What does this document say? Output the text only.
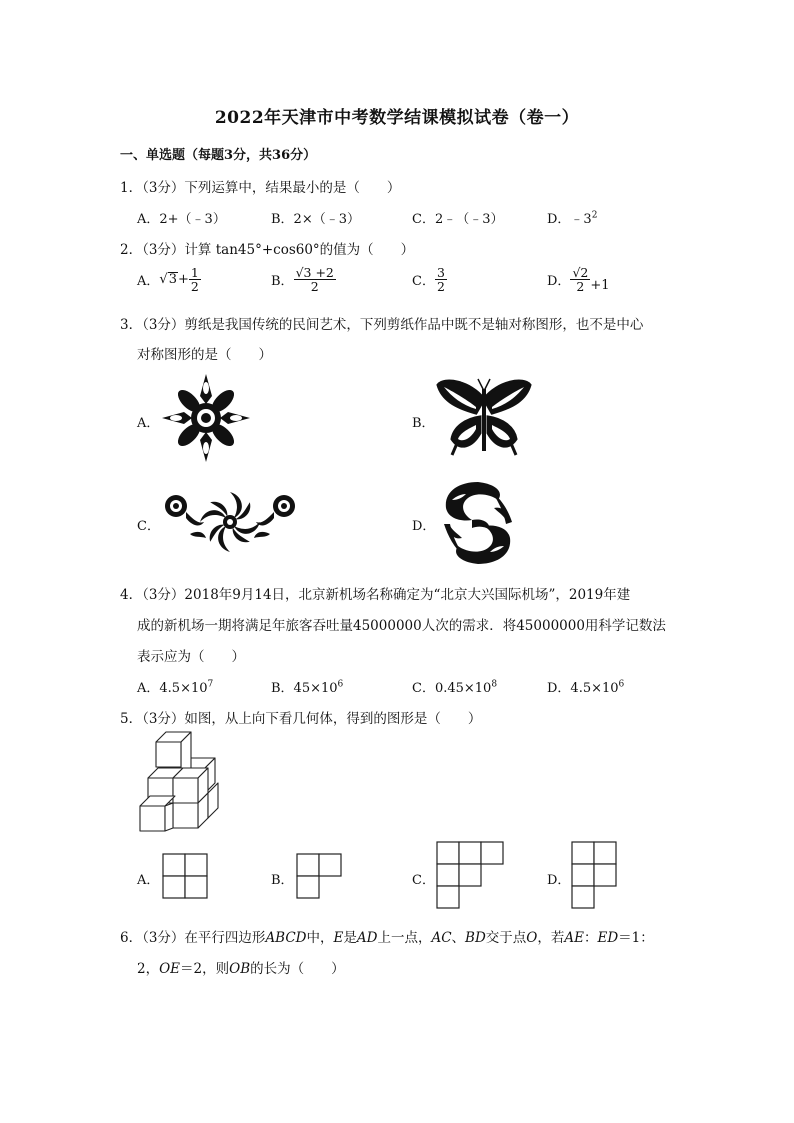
2022年天津市中考数学结课模拟试卷（卷一）
一、单选题（每题3分，共36分）
1．（3分）下列运算中，结果最小的是（　　）
A．2+（﹣3）	B．2×（﹣3）	C．2﹣（﹣3）	D．$﹣3^2$
2．（3分）计算 tan45°+cos60°的值为（　　）
A．$√3+ \frac{1}{2}$	B． $\frac{√3 +2}{2}$	C． $\frac{3}{2}$	D． $\frac{√2}{2} +1$
3．（3分）剪纸是我国传统的民间艺术，下列剪纸作品中既不是轴对称图形，也不是中心
对称图形的是（　　）
A．	B．
C．	D．
4．（3分）2018年9月14日，北京新机场名称确定为“北京大兴国际机场”，2019年建
成的新机场一期将满足年旅客吞吐量45000000人次的需求．将45000000用科学记数法
表示应为（　　）
A．$4.5\times 10^7$	B．$45\times 10^6$	C．$0.45\times 10^8$	D．$4.5\times 10^6$
5．（3分）如图，从上向下看几何体，得到的图形是（　　）
A．	B．	C．	D．
6．（3分）在平行四边形ABCD中，E是AD上一点，AC、BD交于点O，若AE：ED＝1：
2，OE＝2，则OB的长为（　　）
